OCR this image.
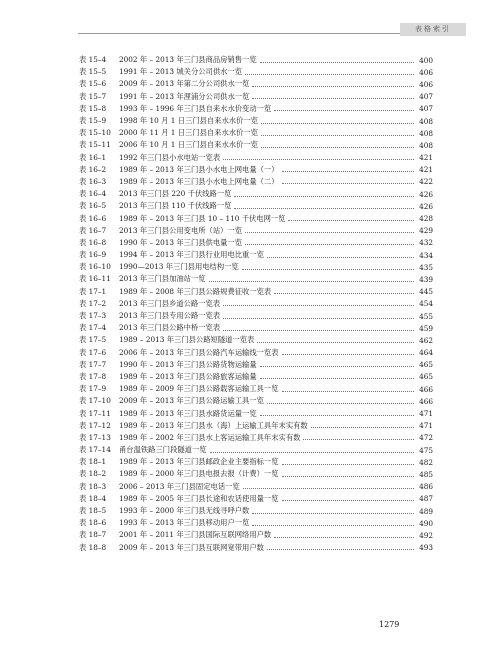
表格索引
表 15–4	2002 年 – 2013 年三门县商品房销售一览	400
表 15–5	1991 年 – 2013 城关分公司供水一览	406
表 15–6	2009 年 – 2013 年第二分公司供水一览	406
表 15–7	1991 年 – 2013 年浬浦分公司供水一览	407
表 15–8	1993 年 – 1996 年三门县自来水水价变动一览	407
表 15–9	1998 年 10 月 1 日三门县自来水水价一览	408
表 15–10	2000 年 11 月 1 日三门县自来水水价一览	408
表 15–11	2006 年 10 月 1 日三门县自来水水价一览	408
表 16–1	1992 年三门县小水电站一览表	421
表 16–2	1989 年 – 2013 年三门县小水电上网电量（一）	421
表 16–3	1989 年 – 2013 年三门县小水电上网电量（二）	422
表 16–4	2013 年三门县 220 千伏线路一览	426
表 16–5	2013 年三门县 110 千伏线路一览	426
表 16–6	1989 年 – 2013 年三门县 10 – 110 千伏电网一览	428
表 16–7	2013 年三门县公用变电所（站）一览	429
表 16–8	1990 年 – 2013 年三门县供电量一览	432
表 16–9	1994 年 – 2013 年三门县行业用电比重一览	434
表 16–10	1990—2013 年三门县用电结构一览	435
表 16–11	2013 年三门县加油站一览	439
表 17–1	1989 年 – 2008 年三门县公路规费征收一览表	445
表 17–2	2013 年三门县乡道公路一览表	454
表 17–3	2013 年三门县专用公路一览表	455
表 17–4	2013 年三门县公路中桥一览表	459
表 17–5	1989 – 2013 年三门县公路短隧道一览表	462
表 17–6	2006 年 – 2013 年三门县公路汽车运输线一览表	464
表 17–7	1990 年 – 2013 年三门县公路货物运输量	465
表 17–8	1989 年 – 2013 年三门县公路旅客运输量	465
表 17–9	1989 年 – 2009 年三门县公路载客运输工具一览	466
表 17–10	2009 年 – 2013 年三门县公路运输工具一览	466
表 17–11	1989 年 – 2013 年三门县水路货运量一览	471
表 17–12	1989 年 – 2013 年三门县水（海）上运输工具年末实有数	471
表 17–13	1989 年 – 2002 年三门县水上客运运输工具年末实有数	472
表 17–14	甬台温铁路三门段隧道一览	475
表 18–1	1989 年 – 2013 年三门县邮政企业主要指标一览	482
表 18–2	1989 年 – 2000 年三门县电报去报（计费）一览	485
表 18–3	2006 – 2013 年三门县固定电话一览	486
表 18–4	1989 年 – 2005 年三门县长途和农话使用量一览	487
表 18–5	1993 年 – 2000 年三门县无线寻呼户数	489
表 18–6	1993 年 – 2013 年三门县移动用户一览	490
表 18–7	2001 年 – 2011 年三门县国际互联网络用户数	492
表 18–8	2009 年 – 2013 年三门县互联网宽带用户数	493
1279
